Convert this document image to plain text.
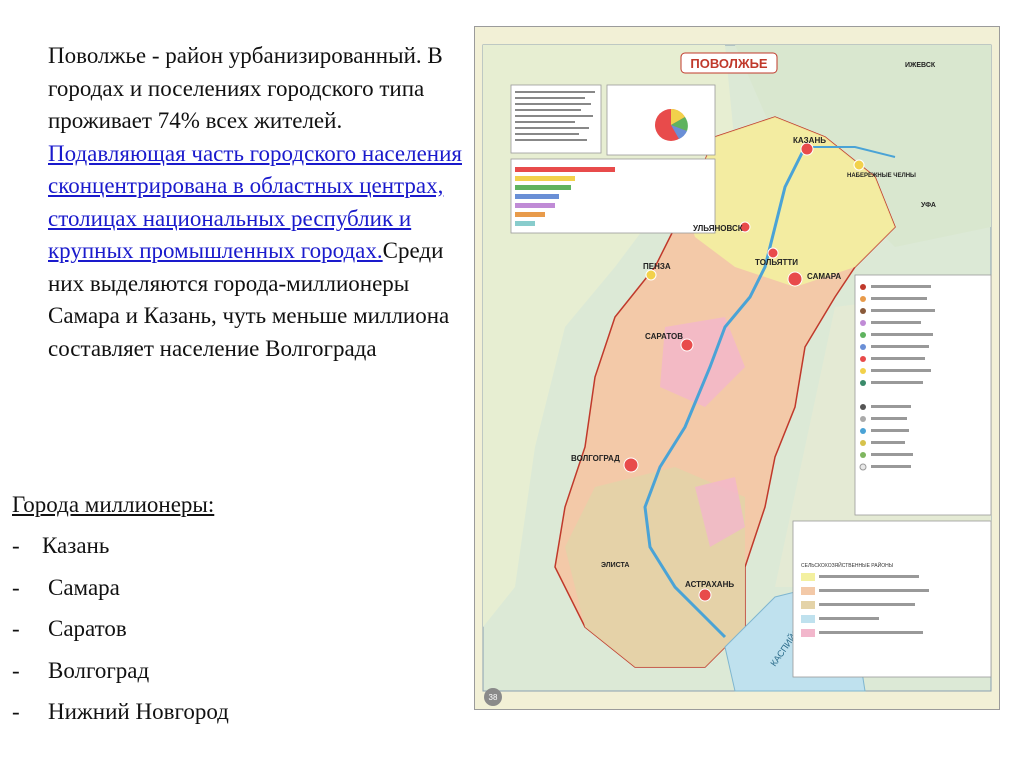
Поволжье - район урбанизированный. В городах и поселениях городского типа проживает 74% всех жителей. Подавляющая часть городского населения сконцентрирована в областных центрах, столицах национальных республик и крупных промышленных городах.Среди них выделяются города-миллионеры Самара и Казань, чуть меньше миллиона составляет население Волгограда
Города миллионеры:
- Казань
- Самара
- Саратов
- Волгоград
- Нижний Новгород
КАСПИЙСКОЕ
ПОВОЛЖЬЕ
СЕЛЬСКОХОЗЯЙСТВЕННЫЕ РАЙОНЫ
КАЗАНЬ
НАБЕРЕЖНЫЕ ЧЕЛНЫ
УЛЬЯНОВСК
ТОЛЬЯТТИ
САМАРА
ПЕНЗА
САРАТОВ
ВОЛГОГРАД
АСТРАХАНЬ
ИЖЕВСК
УФА
ЭЛИСТА
38
